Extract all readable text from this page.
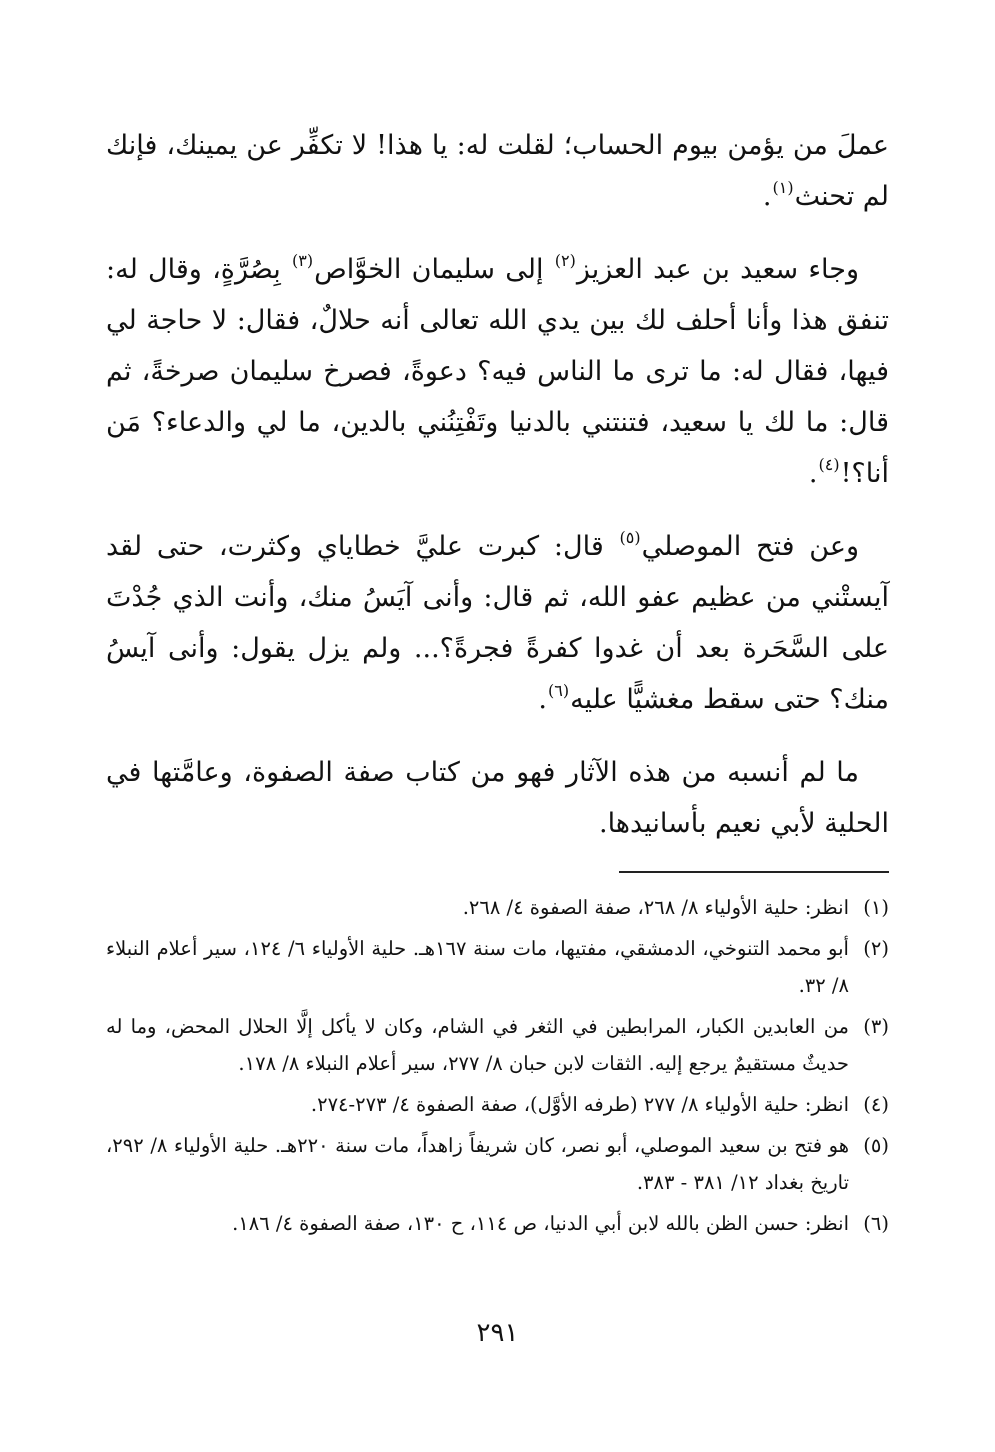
عملَ من يؤمن بيوم الحساب؛ لقلت له: يا هذا! لا تكفِّر عن يمينك، فإنك لم تحنث$^{(١)}$.

وجاء سعيد بن عبد العزيز$^{(٢)}$ إلى سليمان الخوَّاص$^{(٣)}$ بِصُرَّةٍ، وقال له: تنفق هذا وأنا أحلف لك بين يدي الله تعالى أنه حلالٌ، فقال: لا حاجة لي فيها، فقال له: ما ترى ما الناس فيه؟ دعوةً، فصرخ سليمان صرخةً، ثم قال: ما لك يا سعيد، فتنتني بالدنيا وتَفْتِنُني بالدين، ما لي والدعاء؟ مَن أنا؟!$^{(٤)}$.

وعن فتح الموصلي$^{(٥)}$ قال: كبرت عليَّ خطاياي وكثرت، حتى لقد آيستْني من عظيم عفو الله، ثم قال: وأنى آيَسُ منك، وأنت الذي جُدْتَ على السَّحَرة بعد أن غدوا كفرةً فجرةً؟... ولم يزل يقول: وأنى آيسُ منك؟ حتى سقط مغشيًّا عليه$^{(٦)}$.

ما لم أنسبه من هذه الآثار فهو من كتاب صفة الصفوة، وعامَّتها في الحلية لأبي نعيم بأسانيدها.

(١)
انظر: حلية الأولياء ٨/ ٢٦٨، صفة الصفوة ٤/ ٢٦٨.
(٢)
أبو محمد التنوخي، الدمشقي، مفتيها، مات سنة ١٦٧هـ. حلية الأولياء ٦/ ١٢٤، سير أعلام النبلاء ٨/ ٣٢.
(٣)
من العابدين الكبار، المرابطين في الثغر في الشام، وكان لا يأكل إلَّا الحلال المحض، وما له حديثٌ مستقيمٌ يرجع إليه. الثقات لابن حبان ٨/ ٢٧٧، سير أعلام النبلاء ٨/ ١٧٨.
(٤)
انظر: حلية الأولياء ٨/ ٢٧٧ (طرفه الأوَّل)، صفة الصفوة ٤/ ٢٧٣-٢٧٤.
(٥)
هو فتح بن سعيد الموصلي، أبو نصر، كان شريفاً زاهداً، مات سنة ٢٢٠هـ. حلية الأولياء ٨/ ٢٩٢، تاريخ بغداد ١٢/ ٣٨١ - ٣٨٣.
(٦)
انظر: حسن الظن بالله لابن أبي الدنيا، ص ١١٤، ح ١٣٠، صفة الصفوة ٤/ ١٨٦.
٢٩١
